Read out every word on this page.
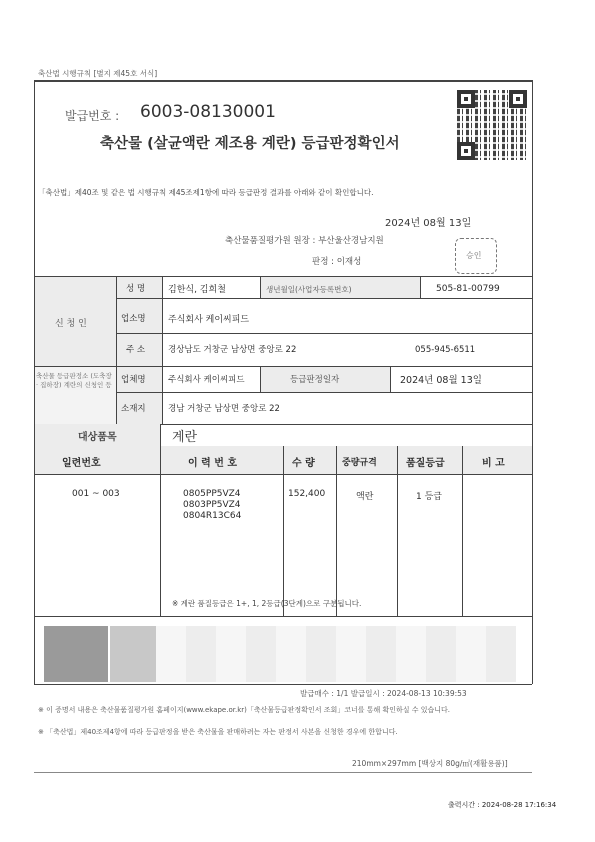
축산법 시행규칙 [별지 제45호 서식]
발급번호 : 6003-08130001
축산물 (살균액란 제조용 계란) 등급판정확인서
「축산법」제40조 및 같은 법 시행규칙 제45조제1항에 따라 등급판정 결과를 아래와 같이 확인합니다.
2024년 08월 13일
축산물품질평가원 원장 : 부산울산경남지원
판정 : 이재성
승인
신 청 인
성 명	김한식, 김희철	생년월일(사업자등록번호)	505-81-00799
업소명 주식회사 케이씨피드
주 소	경상남도 거창군 남상면 중앙로 22	055-945-6511
축산물 등급판정소 (도축장 · 집하장) 계란의 신청인 등 업체명	주식회사 케이씨피드	등급판정일자	2024년 08월 13일
소재지	경남 거창군 남상면 중앙로 22
대상품목	계란
일련번호	이 력 번 호	수 량	중량규격	품질등급	비 고
001 ~ 003	0805PP5VZ4
0803PP5VZ4
0804R13C64
152,400	액란	1 등급
※ 계란 품질등급은 1+, 1, 2등급(3단계)으로 구분됩니다.
발급매수 : 1/1 발급일시 : 2024-08-13 10:39:53
※ 이 증명서 내용은 축산물품질평가원 홈페이지(www.ekape.or.kr)「축산물등급판정확인서 조회」코너를 통해 확인하실 수 있습니다.
※ 「축산법」제40조제4항에 따라 등급판정을 받은 축산물을 판매하려는 자는 판정서 사본을 신청한 경우에 한합니다.
210mm×297mm [백상지 80g/㎡(재활용품)]
출력시간 : 2024-08-28 17:16:34
